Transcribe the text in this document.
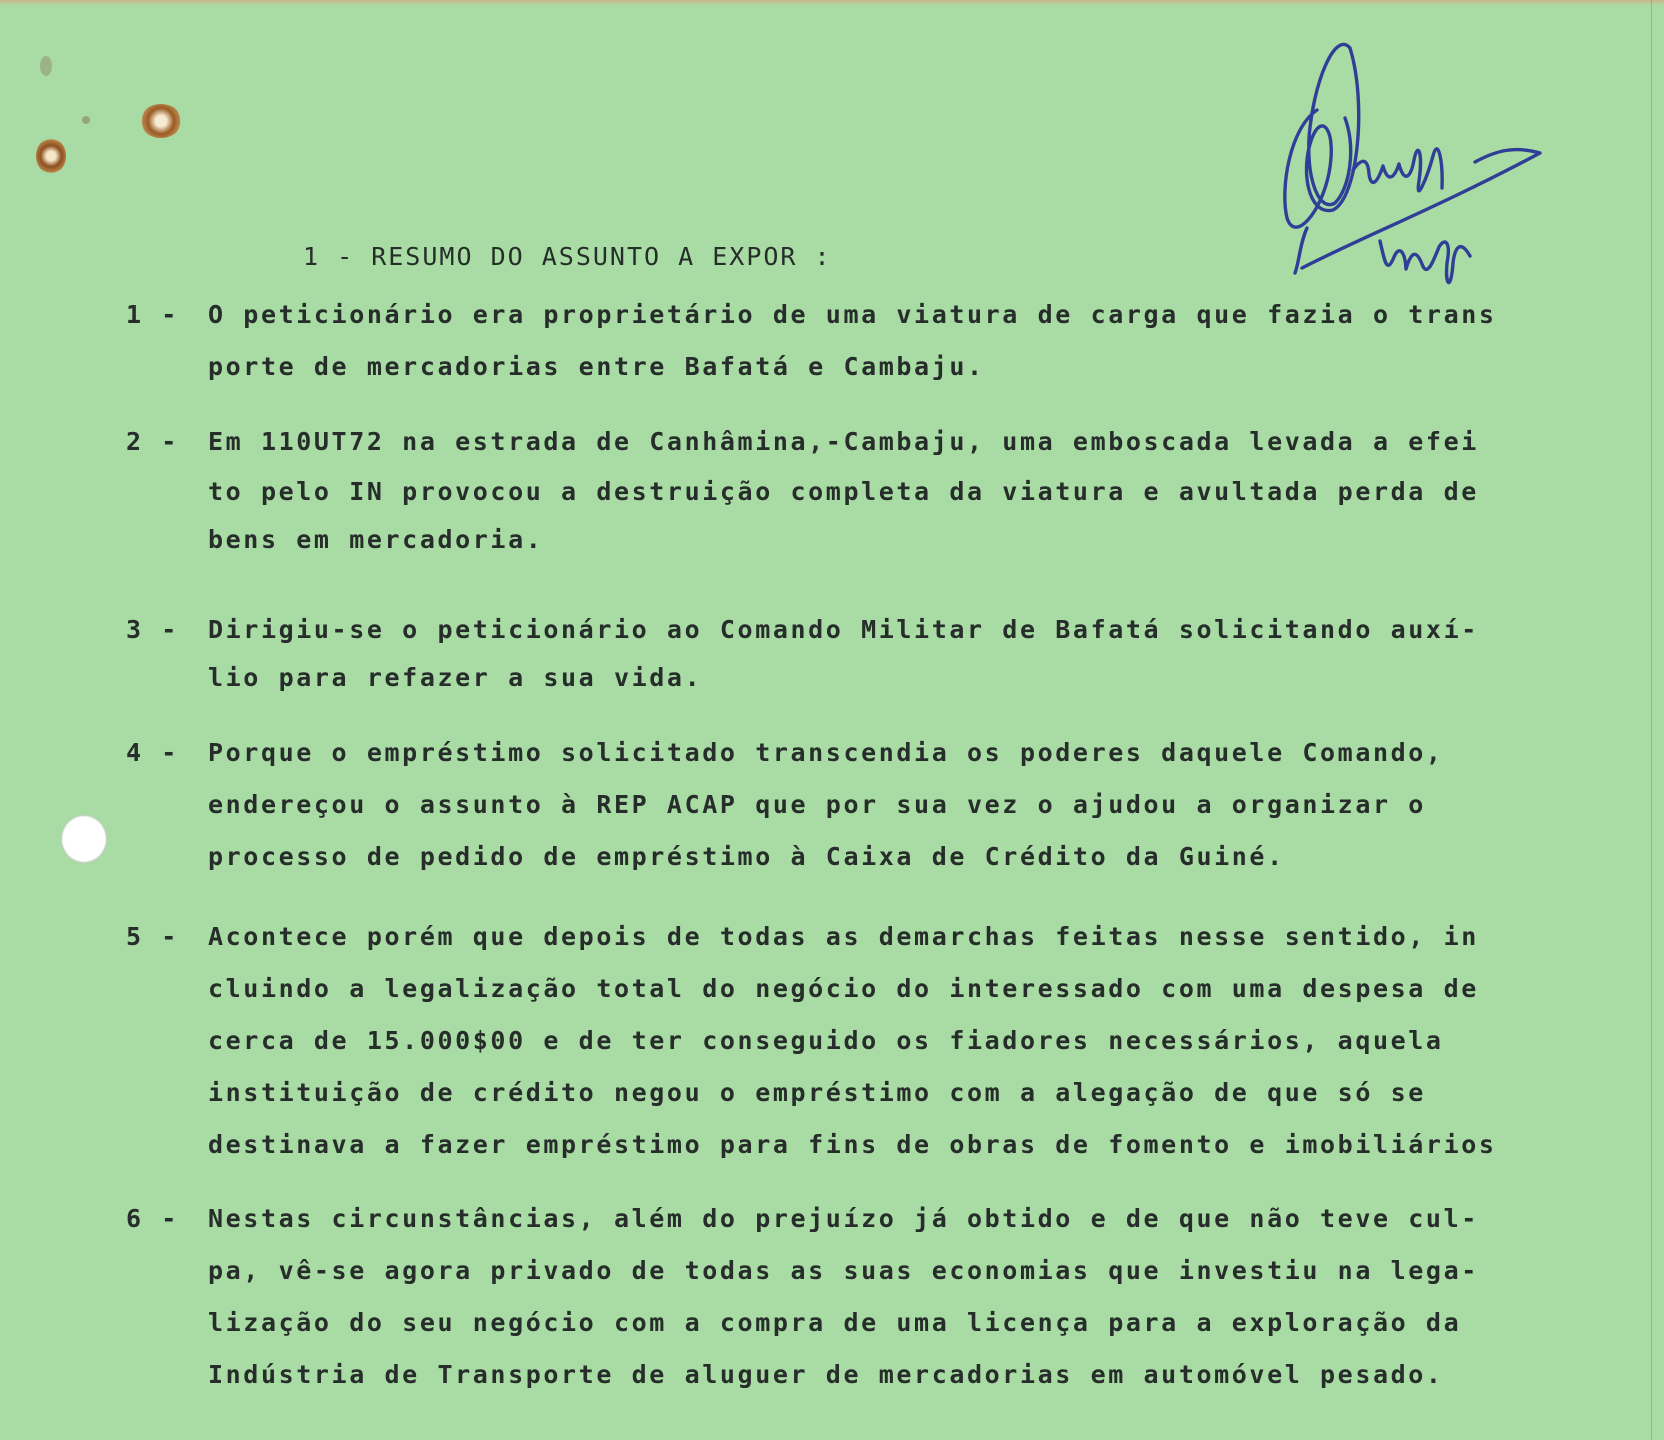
1 - RESUMO DO ASSUNTO A EXPOR :
1 -	O peticionário era proprietário de uma viatura de carga que fazia o trans
porte de mercadorias entre Bafatá e Cambaju.
2 -	Em 110UT72 na estrada de Canhâmina,-Cambaju, uma emboscada levada a efei
to pelo IN provocou a destruição completa da viatura e avultada perda de
bens em mercadoria.
3 -	Dirigiu-se o peticionário ao Comando Militar de Bafatá solicitando auxí-
lio para refazer a sua vida.
4 -	Porque o empréstimo solicitado transcendia os poderes daquele Comando,
endereçou o assunto à REP ACAP que por sua vez o ajudou a organizar o
processo de pedido de empréstimo à Caixa de Crédito da Guiné.
5 -	Acontece porém que depois de todas as demarchas feitas nesse sentido, in
cluindo a legalização total do negócio do interessado com uma despesa de
cerca de 15.000$00 e de ter conseguido os fiadores necessários, aquela
instituição de crédito negou o empréstimo com a alegação de que só se
destinava a fazer empréstimo para fins de obras de fomento e imobiliários
6 -	Nestas circunstâncias, além do prejuízo já obtido e de que não teve cul-
pa, vê-se agora privado de todas as suas economias que investiu na lega-
lização do seu negócio com a compra de uma licença para a exploração da
Indústria de Transporte de aluguer de mercadorias em automóvel pesado.
